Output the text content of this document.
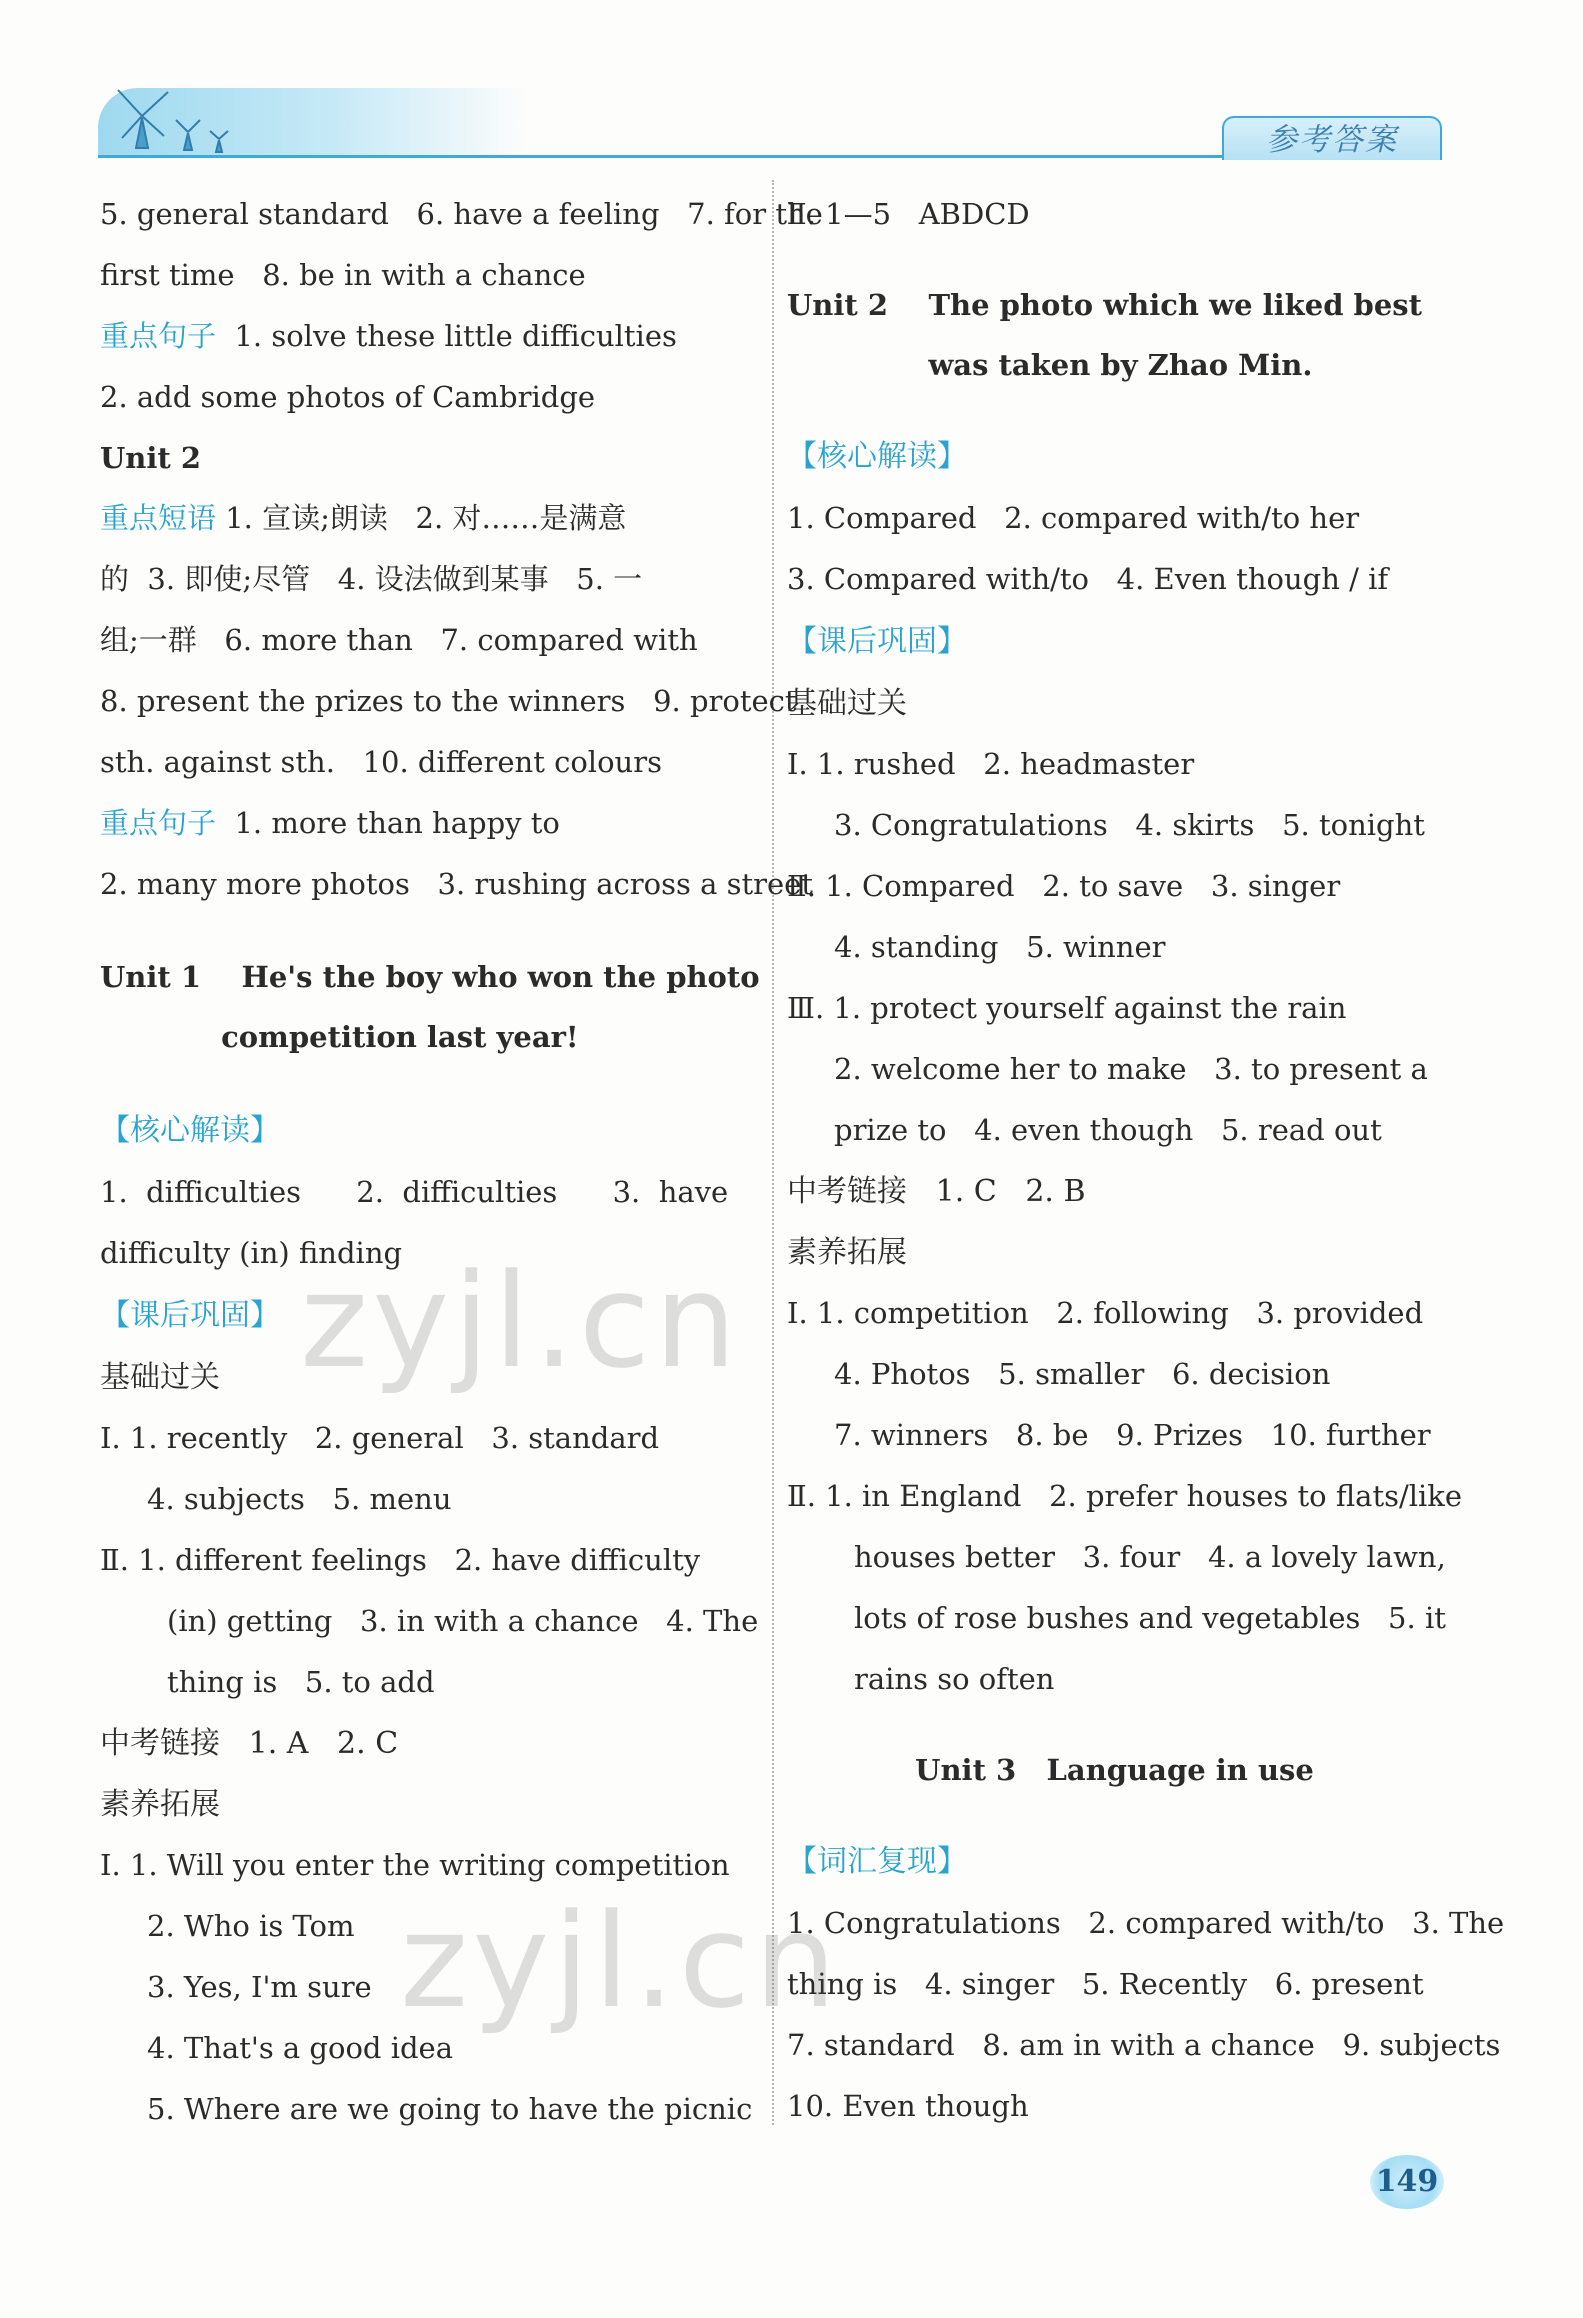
参考答案
5. general standard   6. have a feeling   7. for the
first time   8. be in with a chance
重点句子  1. solve these little difficulties
2. add some photos of Cambridge
Unit 2
重点短语 1. 宣读;朗读   2. 对……是满意
的  3. 即使;尽管   4. 设法做到某事   5. 一
组;一群   6. more than   7. compared with
8. present the prizes to the winners   9. protect
sth. against sth.   10. different colours
重点句子  1. more than happy to
2. many more photos   3. rushing across a street
Unit 1    He's the boy who won the photo
competition last year!
【核心解读】
1.  difficulties      2.  difficulties      3.  have
difficulty (in) finding
【课后巩固】
基础过关
Ⅰ. 1. recently   2. general   3. standard
4. subjects   5. menu
Ⅱ. 1. different feelings   2. have difficulty
(in) getting   3. in with a chance   4. The
thing is   5. to add
中考链接   1. A   2. C
素养拓展
Ⅰ. 1. Will you enter the writing competition
2. Who is Tom
3. Yes, I'm sure
4. That's a good idea
5. Where are we going to have the picnic
Ⅱ. 1—5   ABDCD
Unit 2    The photo which we liked best
was taken by Zhao Min.
【核心解读】
1. Compared   2. compared with/to her
3. Compared with/to   4. Even though / if
【课后巩固】
基础过关
Ⅰ. 1. rushed   2. headmaster
3. Congratulations   4. skirts   5. tonight
Ⅱ. 1. Compared   2. to save   3. singer
4. standing   5. winner
Ⅲ. 1. protect yourself against the rain
2. welcome her to make   3. to present a
prize to   4. even though   5. read out
中考链接   1. C   2. B
素养拓展
Ⅰ. 1. competition   2. following   3. provided
4. Photos   5. smaller   6. decision
7. winners   8. be   9. Prizes   10. further
Ⅱ. 1. in England   2. prefer houses to flats/like
houses better   3. four   4. a lovely lawn,
lots of rose bushes and vegetables   5. it
rains so often
Unit 3   Language in use
【词汇复现】
1. Congratulations   2. compared with/to   3. The
thing is   4. singer   5. Recently   6. present
7. standard   8. am in with a chance   9. subjects
10. Even though
zyjl.cn
zyjl.cn
149
